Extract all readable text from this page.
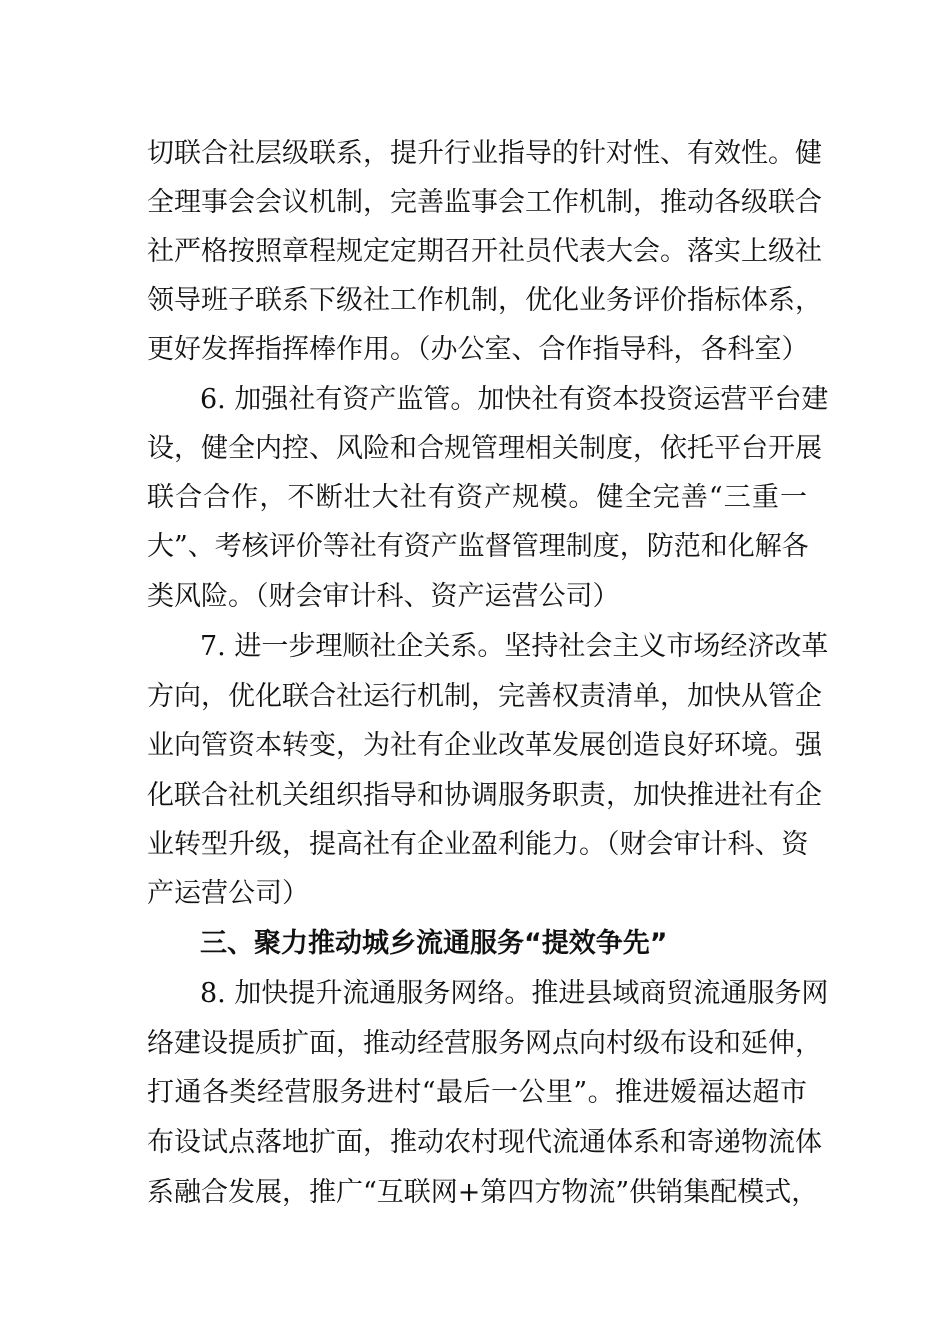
切联合社层级联系，提升行业指导的针对性、有效性。健
全理事会会议机制，完善监事会工作机制，推动各级联合
社严格按照章程规定定期召开社员代表大会。落实上级社
领导班子联系下级社工作机制，优化业务评价指标体系，
更好发挥指挥棒作用。（办公室、合作指导科，各科室）
6. 加强社有资产监管。加快社有资本投资运营平台建
设，健全内控、风险和合规管理相关制度，依托平台开展
联合合作，不断壮大社有资产规模。健全完善“三重一
大”、考核评价等社有资产监督管理制度，防范和化解各
类风险。（财会审计科、资产运营公司）
7. 进一步理顺社企关系。坚持社会主义市场经济改革
方向，优化联合社运行机制，完善权责清单，加快从管企
业向管资本转变，为社有企业改革发展创造良好环境。强
化联合社机关组织指导和协调服务职责，加快推进社有企
业转型升级，提高社有企业盈利能力。（财会审计科、资
产运营公司）
三、聚力推动城乡流通服务“提效争先”
8. 加快提升流通服务网络。推进县域商贸流通服务网
络建设提质扩面，推动经营服务网点向村级布设和延伸，
打通各类经营服务进村“最后一公里”。推进嫒福达超市
布设试点落地扩面，推动农村现代流通体系和寄递物流体
系融合发展，推广“互联网+第四方物流”供销集配模式，
